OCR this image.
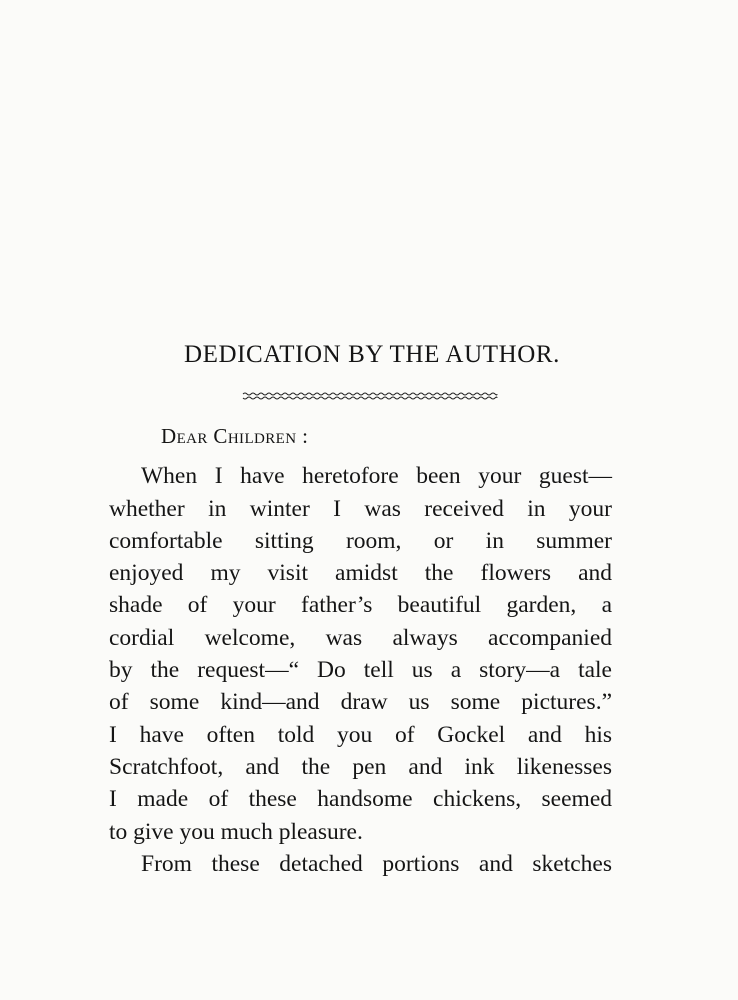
DEDICATION BY THE AUTHOR.
Dear Children :
When I have heretofore been your guest—
whether in winter I was received in your
comfortable sitting room, or in summer
enjoyed my visit amidst the flowers and
shade of your father’s beautiful garden, a
cordial welcome, was always accompanied
by the request—“ Do tell us a story—a tale
of some kind—and draw us some pictures.”
I have often told you of Gockel and his
Scratchfoot, and the pen and ink likenesses
I made of these handsome chickens, seemed
to give you much pleasure.
From these detached portions and sketches
